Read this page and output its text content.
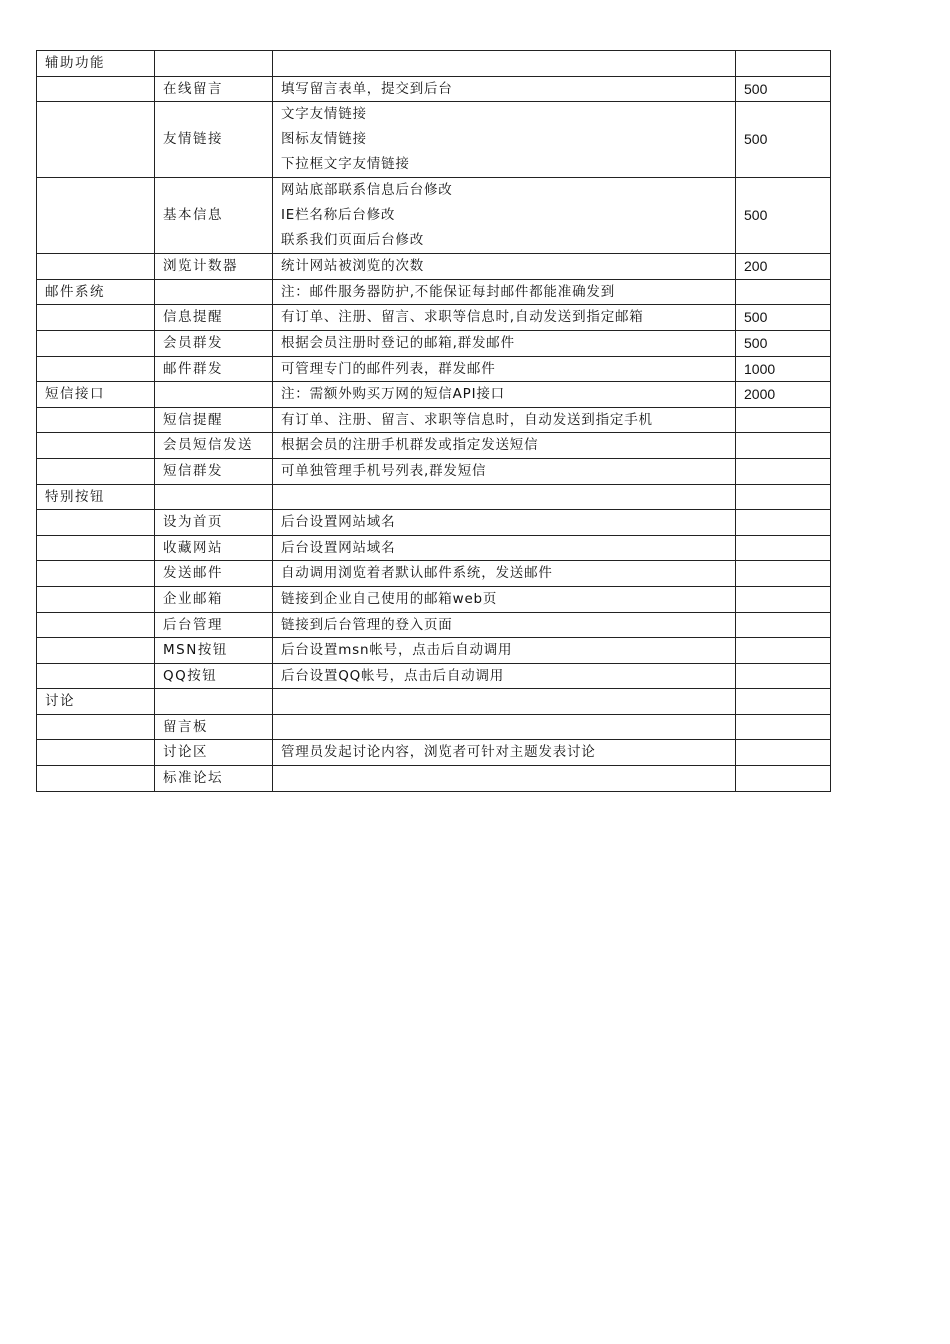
辅助功能			
	在线留言	填写留言表单，提交到后台	500
	友情链接	文字友情链接
图标友情链接
下拉框文字友情链接	500
	基本信息	网站底部联系信息后台修改
IE栏名称后台修改
联系我们页面后台修改	500
	浏览计数器	统计网站被浏览的次数	200
邮件系统		注：邮件服务器防护,不能保证每封邮件都能准确发到	
	信息提醒	有订单、注册、留言、求职等信息时,自动发送到指定邮箱	500
	会员群发	根据会员注册时登记的邮箱,群发邮件	500
	邮件群发	可管理专门的邮件列表，群发邮件	1000
短信接口		注：需额外购买万网的短信API接口	2000
	短信提醒	有订单、注册、留言、求职等信息时，自动发送到指定手机	
	会员短信发送	根据会员的注册手机群发或指定发送短信	
	短信群发	可单独管理手机号列表,群发短信	
特别按钮			
	设为首页	后台设置网站域名	
	收藏网站	后台设置网站域名	
	发送邮件	自动调用浏览着者默认邮件系统，发送邮件	
	企业邮箱	链接到企业自己使用的邮箱web页	
	后台管理	链接到后台管理的登入页面	
	MSN按钮	后台设置msn帐号，点击后自动调用	
	QQ按钮	后台设置QQ帐号，点击后自动调用	
讨论			
	留言板		
	讨论区	管理员发起讨论内容，浏览者可针对主题发表讨论	
	标准论坛		
